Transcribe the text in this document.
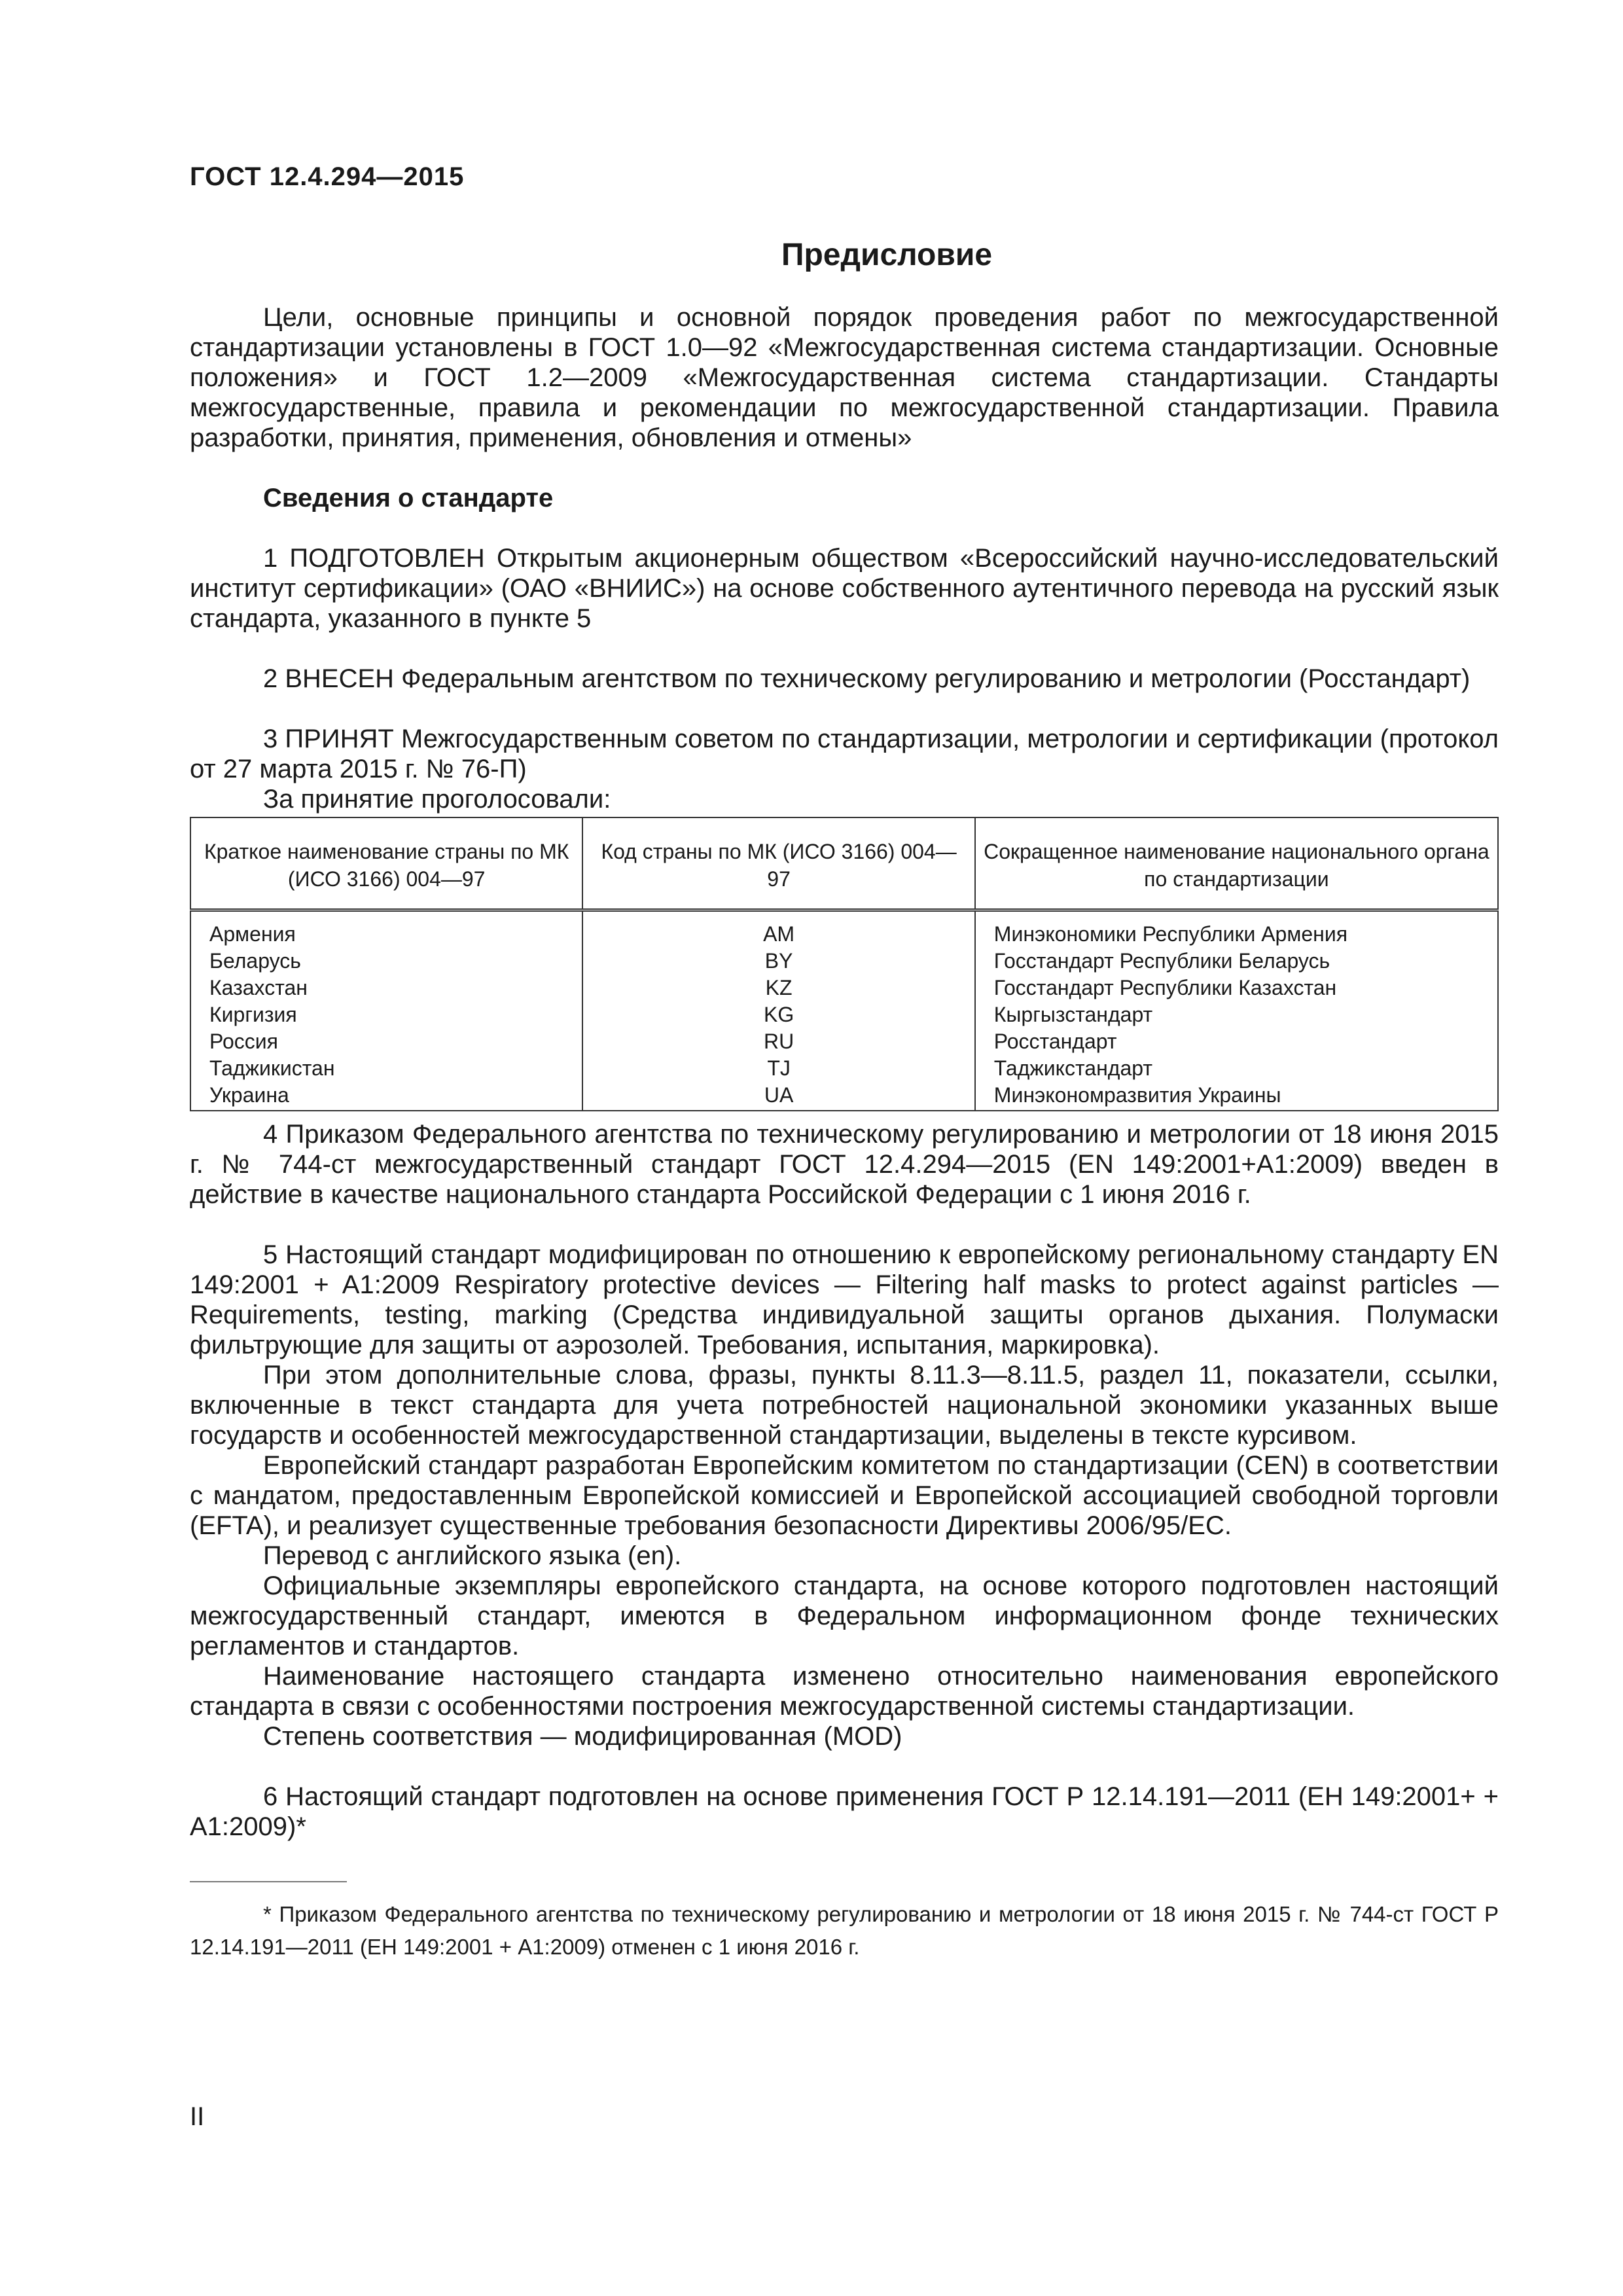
ГОСТ 12.4.294—2015
Предисловие

Цели, основные принципы и основной порядок проведения работ по межгосударственной стандартизации установлены в ГОСТ 1.0—92 «Межгосударственная система стандартизации. Основные положения» и ГОСТ 1.2—2009 «Межгосударственная система стандартизации. Стандарты межгосударственные, правила и рекомендации по межгосударственной стандартизации. Правила разработки, принятия, применения, обновления и отмены»

Сведения о стандарте

1 ПОДГОТОВЛЕН Открытым акционерным обществом «Всероссийский научно-исследовательский институт сертификации» (ОАО «ВНИИС») на основе собственного аутентичного перевода на русский язык стандарта, указанного в пункте 5

2 ВНЕСЕН Федеральным агентством по техническому регулированию и метрологии (Росстандарт)

3 ПРИНЯТ Межгосударственным советом по стандартизации, метрологии и сертификации (протокол от 27 марта 2015 г. № 76-П)

За принятие проголосовали:

Краткое наименование страны по МК (ИСО 3166) 004—97	Код страны по МК (ИСО 3166) 004—97	Сокращенное наименование национального органа по стандартизации
Армения	AM	Минэкономики Республики Армения
Беларусь	BY	Госстандарт Республики Беларусь
Казахстан	KZ	Госстандарт Республики Казахстан
Киргизия	KG	Кыргызстандарт
Россия	RU	Росстандарт
Таджикистан	TJ	Таджикстандарт
Украина	UA	Минэкономразвития Украины

4 Приказом Федерального агентства по техническому регулированию и метрологии от 18 июня 2015 г. № 744-ст межгосударственный стандарт ГОСТ 12.4.294—2015 (EN 149:2001+A1:2009) введен в действие в качестве национального стандарта Российской Федерации с 1 июня 2016 г.

5 Настоящий стандарт модифицирован по отношению к европейскому региональному стандарту EN 149:2001 + A1:2009 Respiratory protective devices — Filtering half masks to protect against particles — Requirements, testing, marking (Средства индивидуальной защиты органов дыхания. Полумаски фильтрующие для защиты от аэрозолей. Требования, испытания, маркировка).

При этом дополнительные слова, фразы, пункты 8.11.3—8.11.5, раздел 11, показатели, ссылки, включенные в текст стандарта для учета потребностей национальной экономики указанных выше государств и особенностей межгосударственной стандартизации, выделены в тексте курсивом.

Европейский стандарт разработан Европейским комитетом по стандартизации (CEN) в соответствии с мандатом, предоставленным Европейской комиссией и Европейской ассоциацией свободной торговли (EFTA), и реализует существенные требования безопасности Директивы 2006/95/ЕС.

Перевод с английского языка (en).

Официальные экземпляры европейского стандарта, на основе которого подготовлен настоящий межгосударственный стандарт, имеются в Федеральном информационном фонде технических регламентов и стандартов.

Наименование настоящего стандарта изменено относительно наименования европейского стандарта в связи с особенностями построения межгосударственной системы стандартизации.

Степень соответствия — модифицированная (MOD)

6 Настоящий стандарт подготовлен на основе применения ГОСТ Р 12.14.191—2011 (ЕН 149:2001+ + A1:2009)*

* Приказом Федерального агентства по техническому регулированию и метрологии от 18 июня 2015 г. № 744-ст ГОСТ Р 12.14.191—2011 (ЕН 149:2001 + А1:2009) отменен с 1 июня 2016 г.

II
